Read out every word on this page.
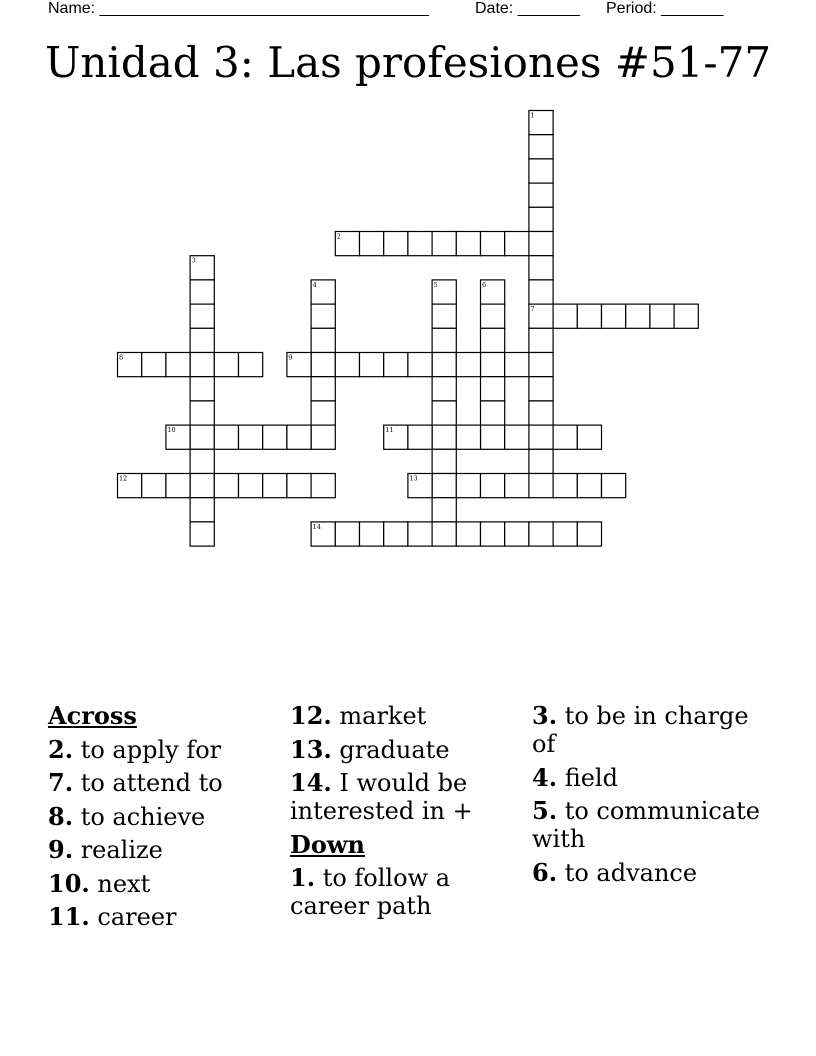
Name: _____________________________________	Date: _______ Period: _______
Unidad 3: Las profesiones #51-77
1
2
3
4	5	6
7
8	9
10	11
12	13
14
Across
2. to apply for
7. to attend to
8. to achieve
9. realize
10. next
11. career
12. market
13. graduate
14. I would be interested in +
Down
1. to follow a career path
3. to be in charge of
4. field
5. to communicate with
6. to advance
